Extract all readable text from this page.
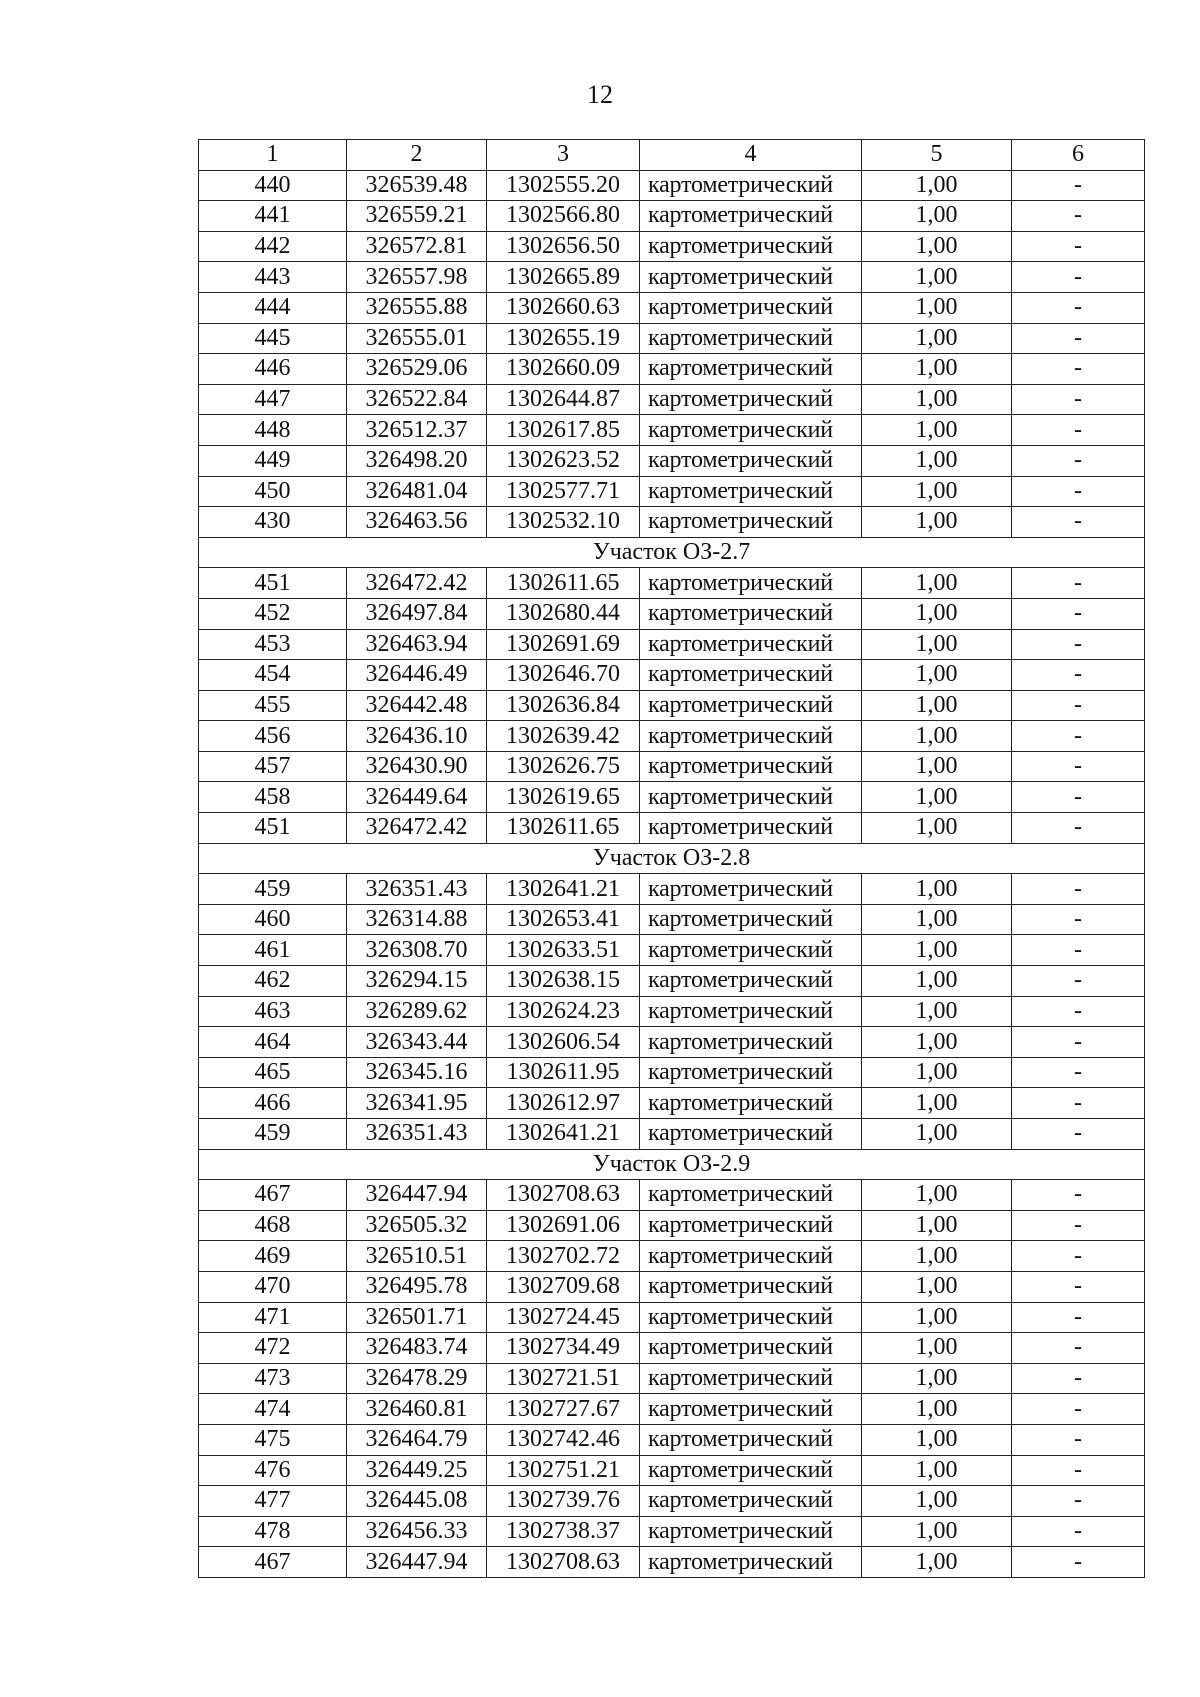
12
1	2	3	4	5	6
440	326539.48	1302555.20	картометрический	1,00	-
441	326559.21	1302566.80	картометрический	1,00	-
442	326572.81	1302656.50	картометрический	1,00	-
443	326557.98	1302665.89	картометрический	1,00	-
444	326555.88	1302660.63	картометрический	1,00	-
445	326555.01	1302655.19	картометрический	1,00	-
446	326529.06	1302660.09	картометрический	1,00	-
447	326522.84	1302644.87	картометрический	1,00	-
448	326512.37	1302617.85	картометрический	1,00	-
449	326498.20	1302623.52	картометрический	1,00	-
450	326481.04	1302577.71	картометрический	1,00	-
430	326463.56	1302532.10	картометрический	1,00	-
Участок ОЗ-2.7					
451	326472.42	1302611.65	картометрический	1,00	-
452	326497.84	1302680.44	картометрический	1,00	-
453	326463.94	1302691.69	картометрический	1,00	-
454	326446.49	1302646.70	картометрический	1,00	-
455	326442.48	1302636.84	картометрический	1,00	-
456	326436.10	1302639.42	картометрический	1,00	-
457	326430.90	1302626.75	картометрический	1,00	-
458	326449.64	1302619.65	картометрический	1,00	-
451	326472.42	1302611.65	картометрический	1,00	-
Участок ОЗ-2.8					
459	326351.43	1302641.21	картометрический	1,00	-
460	326314.88	1302653.41	картометрический	1,00	-
461	326308.70	1302633.51	картометрический	1,00	-
462	326294.15	1302638.15	картометрический	1,00	-
463	326289.62	1302624.23	картометрический	1,00	-
464	326343.44	1302606.54	картометрический	1,00	-
465	326345.16	1302611.95	картометрический	1,00	-
466	326341.95	1302612.97	картометрический	1,00	-
459	326351.43	1302641.21	картометрический	1,00	-
Участок ОЗ-2.9					
467	326447.94	1302708.63	картометрический	1,00	-
468	326505.32	1302691.06	картометрический	1,00	-
469	326510.51	1302702.72	картометрический	1,00	-
470	326495.78	1302709.68	картометрический	1,00	-
471	326501.71	1302724.45	картометрический	1,00	-
472	326483.74	1302734.49	картометрический	1,00	-
473	326478.29	1302721.51	картометрический	1,00	-
474	326460.81	1302727.67	картометрический	1,00	-
475	326464.79	1302742.46	картометрический	1,00	-
476	326449.25	1302751.21	картометрический	1,00	-
477	326445.08	1302739.76	картометрический	1,00	-
478	326456.33	1302738.37	картометрический	1,00	-
467	326447.94	1302708.63	картометрический	1,00	-
